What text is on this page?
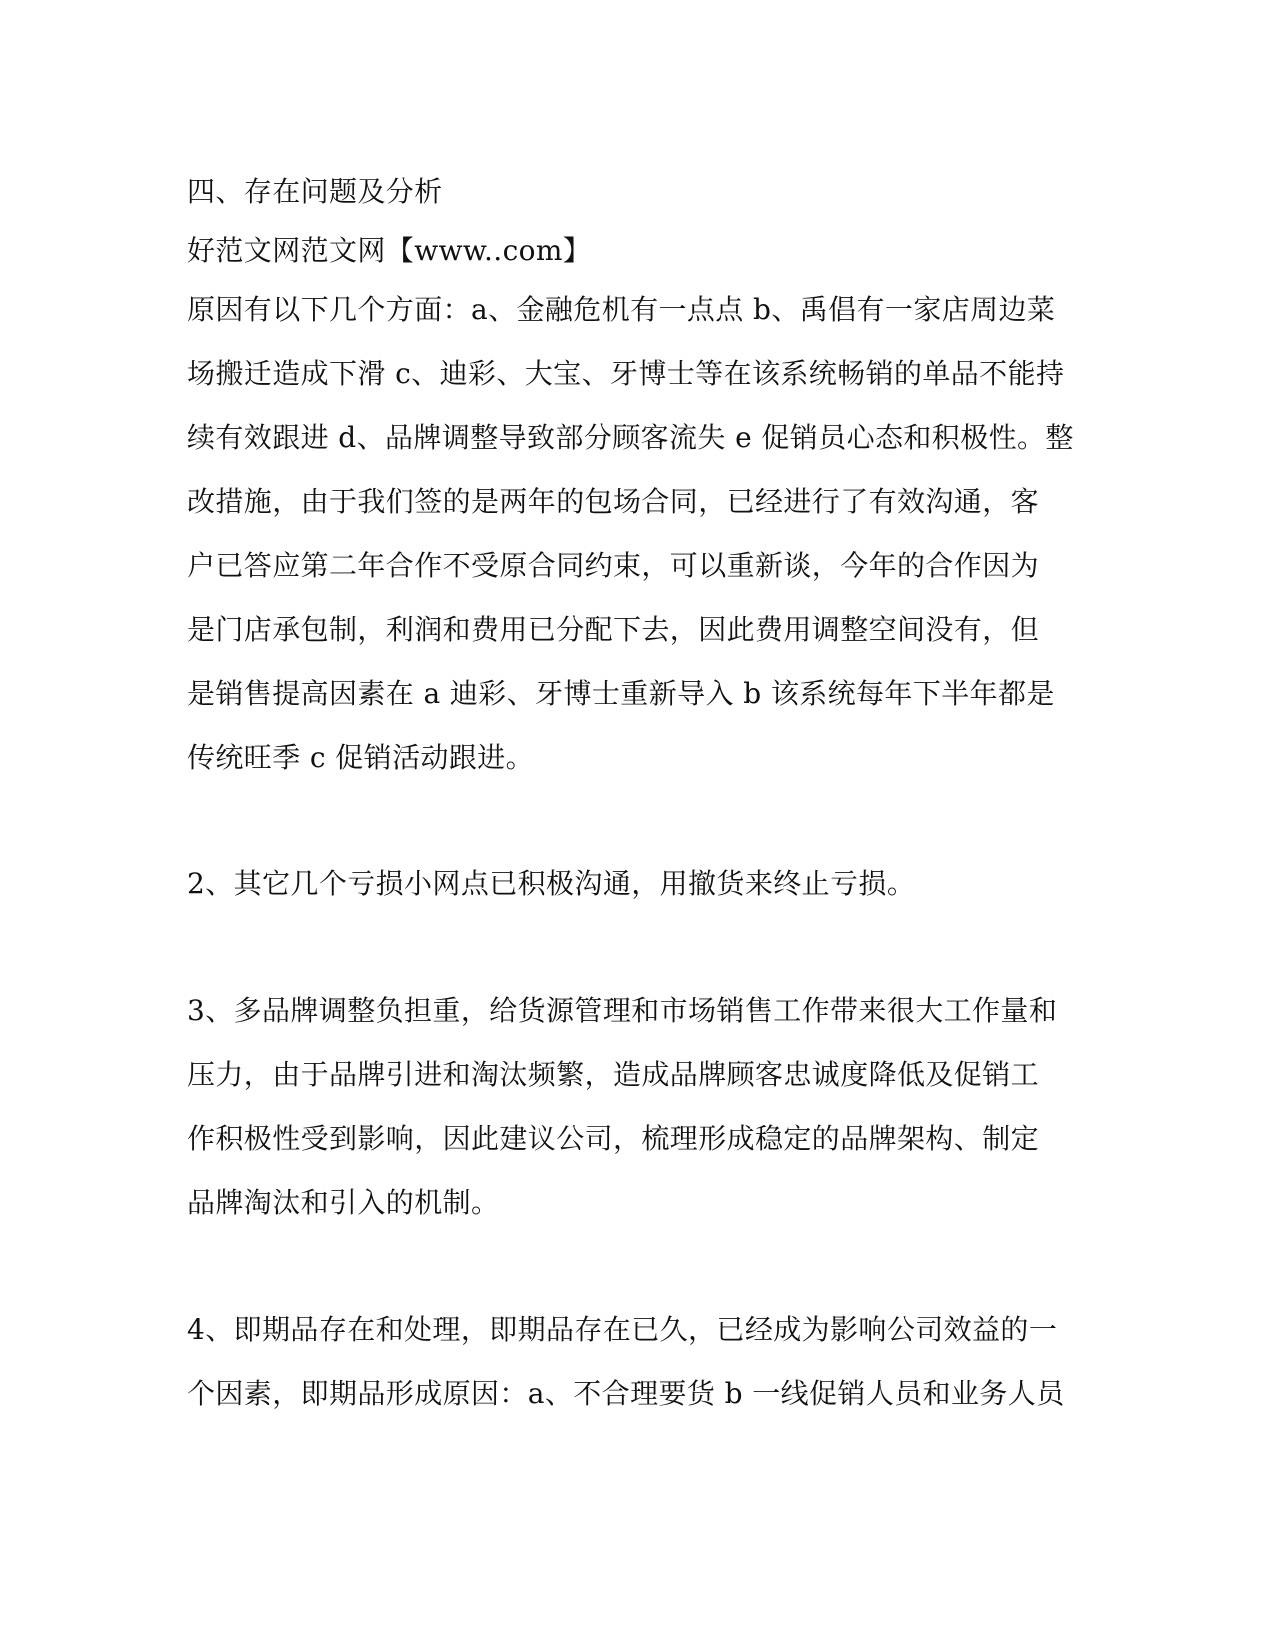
四、存在问题及分析
好范文网范文网【www..com】
原因有以下几个方面：a、金融危机有一点点 b、禹倡有一家店周边菜
场搬迁造成下滑 c、迪彩、大宝、牙博士等在该系统畅销的单品不能持
续有效跟进 d、品牌调整导致部分顾客流失 e 促销员心态和积极性。整
改措施，由于我们签的是两年的包场合同，已经进行了有效沟通，客
户已答应第二年合作不受原合同约束，可以重新谈，今年的合作因为
是门店承包制，利润和费用已分配下去，因此费用调整空间没有，但
是销售提高因素在 a 迪彩、牙博士重新导入 b 该系统每年下半年都是
传统旺季 c 促销活动跟进。
2、其它几个亏损小网点已积极沟通，用撤货来终止亏损。
3、多品牌调整负担重，给货源管理和市场销售工作带来很大工作量和
压力，由于品牌引进和淘汰频繁，造成品牌顾客忠诚度降低及促销工
作积极性受到影响，因此建议公司，梳理形成稳定的品牌架构、制定
品牌淘汰和引入的机制。
4、即期品存在和处理，即期品存在已久，已经成为影响公司效益的一
个因素，即期品形成原因：a、不合理要货 b 一线促销人员和业务人员
